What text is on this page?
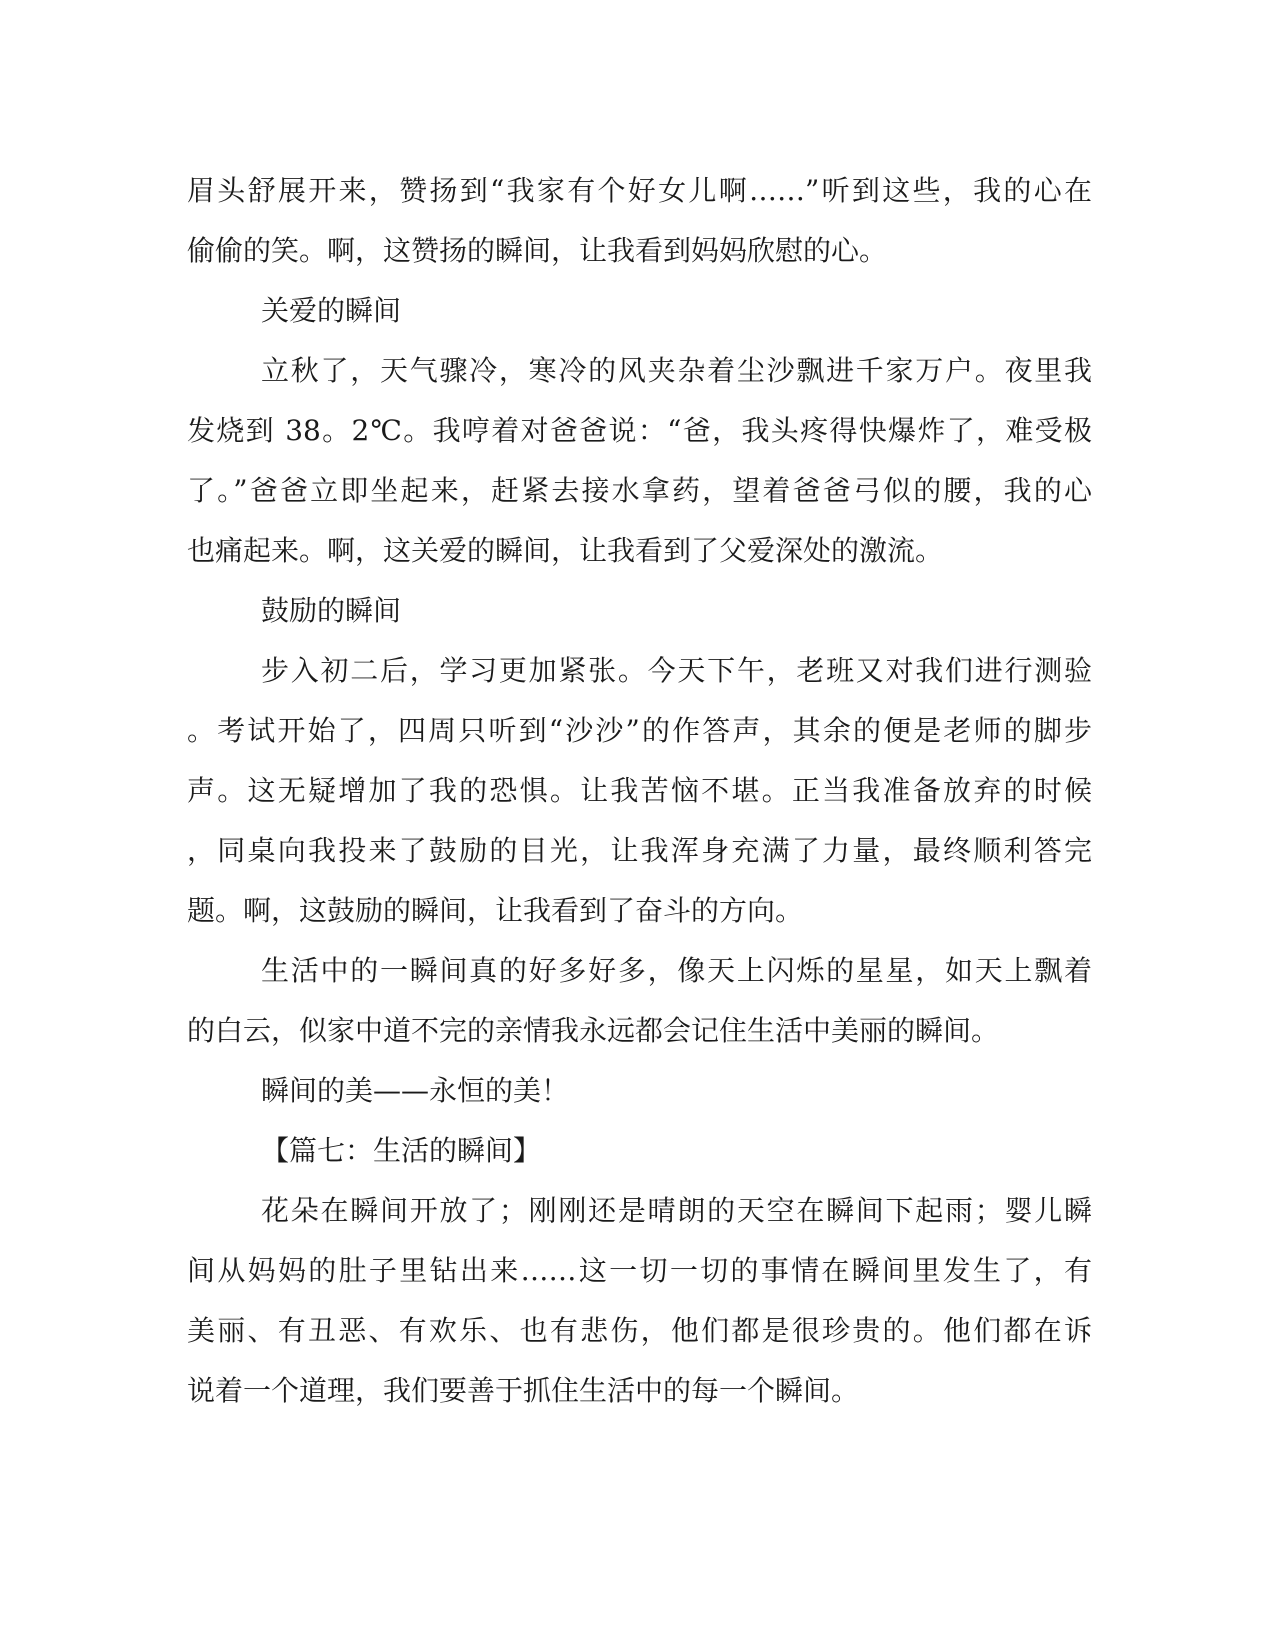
眉头舒展开来，赞扬到“我家有个好女儿啊……”听到这些，我的心在
偷偷的笑。啊，这赞扬的瞬间，让我看到妈妈欣慰的心。
关爱的瞬间
立秋了，天气骤冷，寒冷的风夹杂着尘沙飘进千家万户。夜里我
发烧到 38。2℃。我哼着对爸爸说：“爸，我头疼得快爆炸了，难受极
了。”爸爸立即坐起来，赶紧去接水拿药，望着爸爸弓似的腰，我的心
也痛起来。啊，这关爱的瞬间，让我看到了父爱深处的激流。
鼓励的瞬间
步入初二后，学习更加紧张。今天下午，老班又对我们进行测验
。考试开始了，四周只听到“沙沙”的作答声，其余的便是老师的脚步
声。这无疑增加了我的恐惧。让我苦恼不堪。正当我准备放弃的时候
，同桌向我投来了鼓励的目光，让我浑身充满了力量，最终顺利答完
题。啊，这鼓励的瞬间，让我看到了奋斗的方向。
生活中的一瞬间真的好多好多，像天上闪烁的星星，如天上飘着
的白云，似家中道不完的亲情我永远都会记住生活中美丽的瞬间。
瞬间的美——永恒的美！
【篇七：生活的瞬间】
花朵在瞬间开放了；刚刚还是晴朗的天空在瞬间下起雨；婴儿瞬
间从妈妈的肚子里钻出来……这一切一切的事情在瞬间里发生了，有
美丽、有丑恶、有欢乐、也有悲伤，他们都是很珍贵的。他们都在诉
说着一个道理，我们要善于抓住生活中的每一个瞬间。
